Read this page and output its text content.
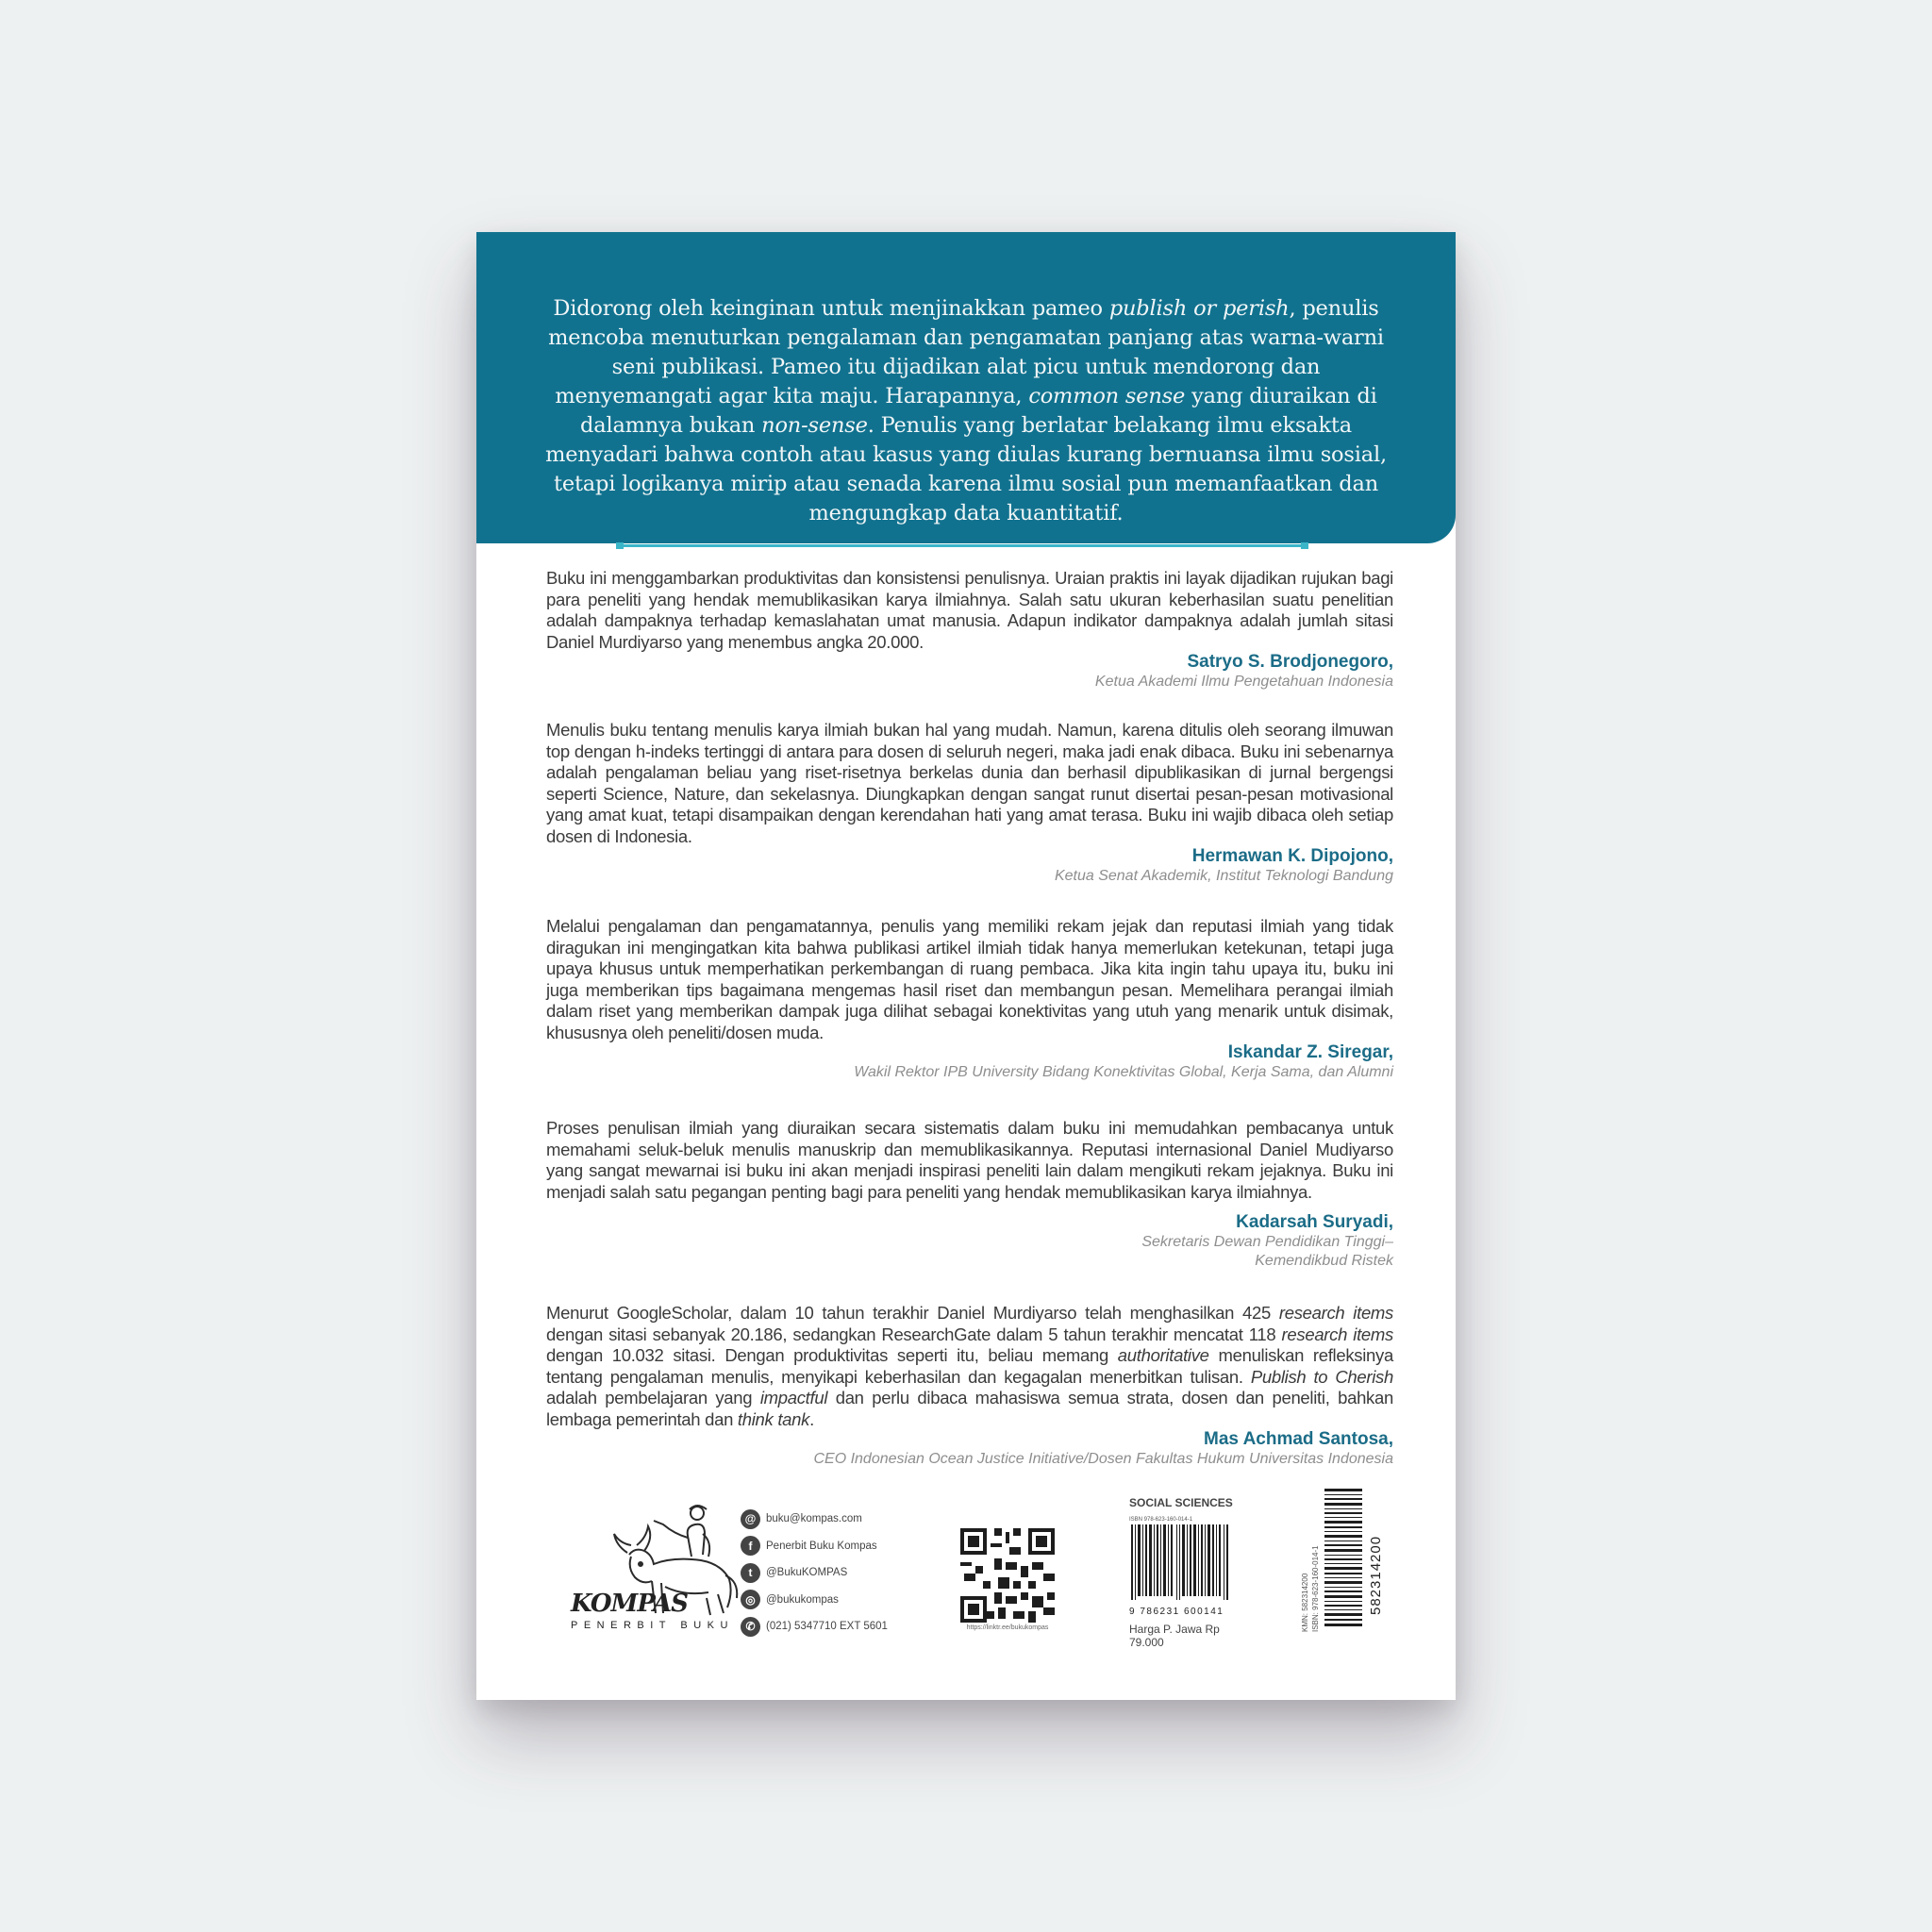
Didorong oleh keinginan untuk menjinakkan pameo publish or perish, penulis mencoba menuturkan pengalaman dan pengamatan panjang atas warna-warni seni publikasi. Pameo itu dijadikan alat picu untuk mendorong dan menyemangati agar kita maju. Harapannya, common sense yang diuraikan di dalamnya bukan non-sense. Penulis yang berlatar belakang ilmu eksakta menyadari bahwa contoh atau kasus yang diulas kurang bernuansa ilmu sosial, tetapi logikanya mirip atau senada karena ilmu sosial pun memanfaatkan dan mengungkap data kuantitatif.

Buku ini menggambarkan produktivitas dan konsistensi penulisnya. Uraian praktis ini layak dijadikan rujukan bagi para peneliti yang hendak memublikasikan karya ilmiahnya. Salah satu ukuran keberhasilan suatu penelitian adalah dampaknya terhadap kemaslahatan umat manusia. Adapun indikator dampaknya adalah jumlah sitasi Daniel Murdiyarso yang menembus angka 20.000.

Satryo S. Brodjonegoro,
Ketua Akademi Ilmu Pengetahuan Indonesia

Menulis buku tentang menulis karya ilmiah bukan hal yang mudah. Namun, karena ditulis oleh seorang ilmuwan top dengan h-indeks tertinggi di antara para dosen di seluruh negeri, maka jadi enak dibaca. Buku ini sebenarnya adalah pengalaman beliau yang riset-risetnya berkelas dunia dan berhasil dipublikasikan di jurnal bergengsi seperti Science, Nature, dan sekelasnya. Diungkapkan dengan sangat runut disertai pesan-pesan motivasional yang amat kuat, tetapi disampaikan dengan kerendahan hati yang amat terasa. Buku ini wajib dibaca oleh setiap dosen di Indonesia.

Hermawan K. Dipojono,
Ketua Senat Akademik, Institut Teknologi Bandung

Melalui pengalaman dan pengamatannya, penulis yang memiliki rekam jejak dan reputasi ilmiah yang tidak diragukan ini mengingatkan kita bahwa publikasi artikel ilmiah tidak hanya memerlukan ketekunan, tetapi juga upaya khusus untuk memperhatikan perkembangan di ruang pembaca. Jika kita ingin tahu upaya itu, buku ini juga memberikan tips bagaimana mengemas hasil riset dan membangun pesan. Memelihara perangai ilmiah dalam riset yang memberikan dampak juga dilihat sebagai konektivitas yang utuh yang menarik untuk disimak, khususnya oleh peneliti/dosen muda.

Iskandar Z. Siregar,
Wakil Rektor IPB University Bidang Konektivitas Global, Kerja Sama, dan Alumni

Proses penulisan ilmiah yang diuraikan secara sistematis dalam buku ini memudahkan pembacanya untuk memahami seluk-beluk menulis manuskrip dan memublikasikannya. Reputasi internasional Daniel Mudiyarso yang sangat mewarnai isi buku ini akan menjadi inspirasi peneliti lain dalam mengikuti rekam jejaknya. Buku ini menjadi salah satu pegangan penting bagi para peneliti yang hendak memublikasikan karya ilmiahnya.

Kadarsah Suryadi,
Sekretaris Dewan Pendidikan Tinggi–
Kemendikbud Ristek

Menurut GoogleScholar, dalam 10 tahun terakhir Daniel Murdiyarso telah menghasilkan 425 research items dengan sitasi sebanyak 20.186, sedangkan ResearchGate dalam 5 tahun terakhir mencatat 118 research items dengan 10.032 sitasi. Dengan produktivitas seperti itu, beliau memang authoritative menuliskan refleksinya tentang pengalaman menulis, menyikapi keberhasilan dan kegagalan menerbitkan tulisan. Publish to Cherish adalah pembelajaran yang impactful dan perlu dibaca mahasiswa semua strata, dosen dan peneliti, bahkan lembaga pemerintah dan think tank.

Mas Achmad Santosa,
CEO Indonesian Ocean Justice Initiative/Dosen Fakultas Hukum Universitas Indonesia
KOMPAS
PENERBIT BUKU
@ buku@kompas.com
f	Penerbit Buku Kompas
t	@BukuKOMPAS
◎ @bukukompas
✆ (021) 5347710 EXT 5601	https://linktr.ee/bukukompas
SOCIAL SCIENCES
ISBN 978-623-160-014-1
9 786231 600141
Harga P. Jawa Rp 79.000
KMN: 582314200 ISBN: 978-623-160-014-1	582314200
